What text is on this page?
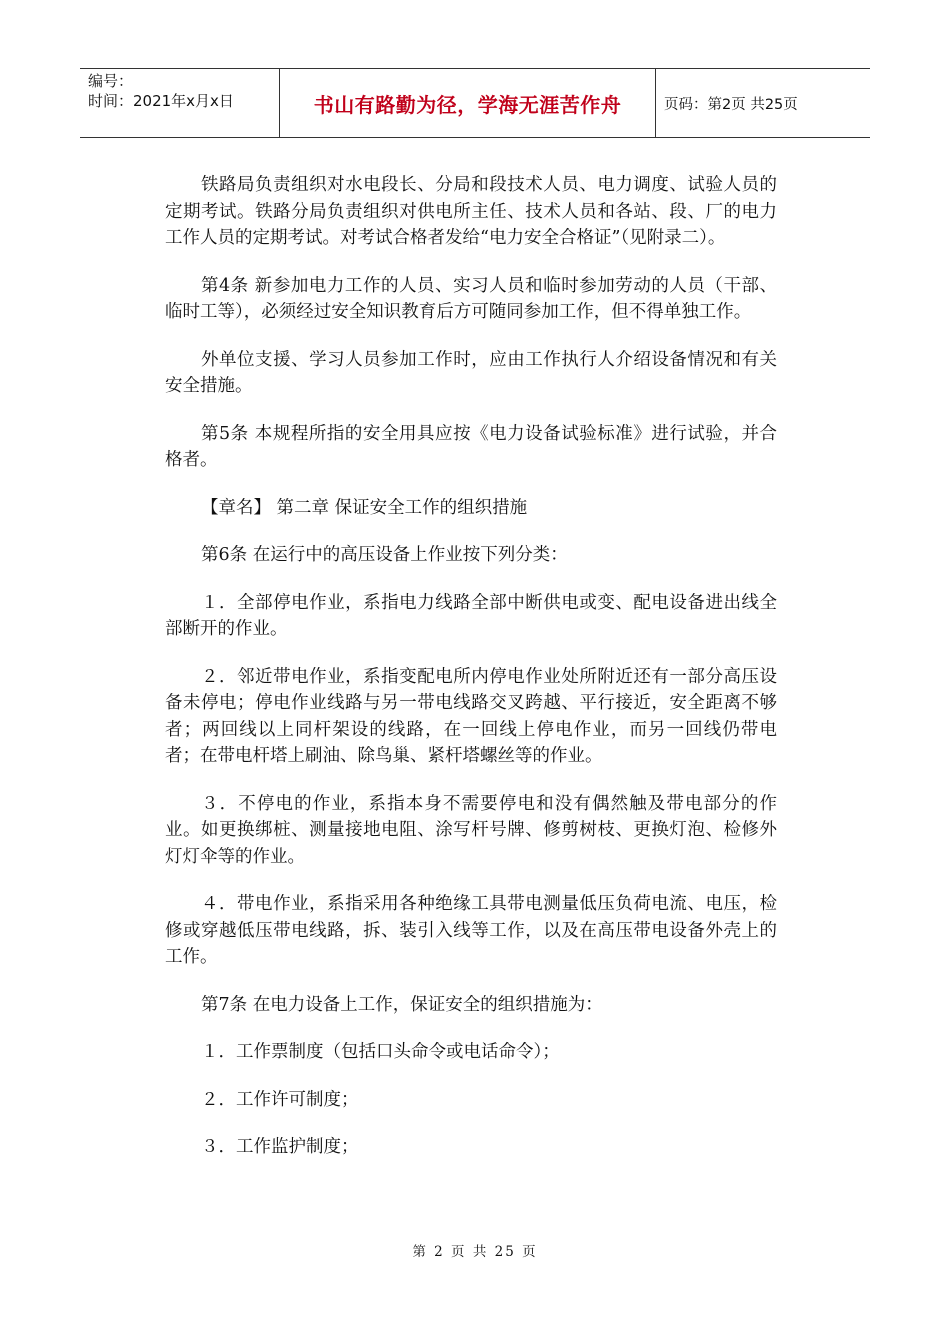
编号：
时间：2021年x月x日	书山有路勤为径，学海无涯苦作舟	页码：第2页 共25页

铁路局负责组织对水电段长、分局和段技术人员、电力调度、试验人员的定期考试。铁路分局负责组织对供电所主任、技术人员和各站、段、厂的电力工作人员的定期考试。对考试合格者发给“电力安全合格证”（见附录二）。

第4条 新参加电力工作的人员、实习人员和临时参加劳动的人员（干部、临时工等），必须经过安全知识教育后方可随同参加工作，但不得单独工作。

外单位支援、学习人员参加工作时，应由工作执行人介绍设备情况和有关安全措施。

第5条 本规程所指的安全用具应按《电力设备试验标准》进行试验，并合格者。

【章名】 第二章 保证安全工作的组织措施

第6条 在运行中的高压设备上作业按下列分类：

１．全部停电作业，系指电力线路全部中断供电或变、配电设备进出线全部断开的作业。

２．邻近带电作业，系指变配电所内停电作业处所附近还有一部分高压设备未停电；停电作业线路与另一带电线路交叉跨越、平行接近，安全距离不够者；两回线以上同杆架设的线路，在一回线上停电作业，而另一回线仍带电者；在带电杆塔上刷油、除鸟巢、紧杆塔螺丝等的作业。

３．不停电的作业，系指本身不需要停电和没有偶然触及带电部分的作业。如更换绑桩、测量接地电阻、涂写杆号牌、修剪树枝、更换灯泡、检修外灯灯伞等的作业。

４．带电作业，系指采用各种绝缘工具带电测量低压负荷电流、电压，检修或穿越低压带电线路，拆、装引入线等工作，以及在高压带电设备外壳上的工作。

第7条 在电力设备上工作，保证安全的组织措施为：

１．工作票制度（包括口头命令或电话命令）；

２．工作许可制度；

３．工作监护制度；

第 2 页 共 25 页
